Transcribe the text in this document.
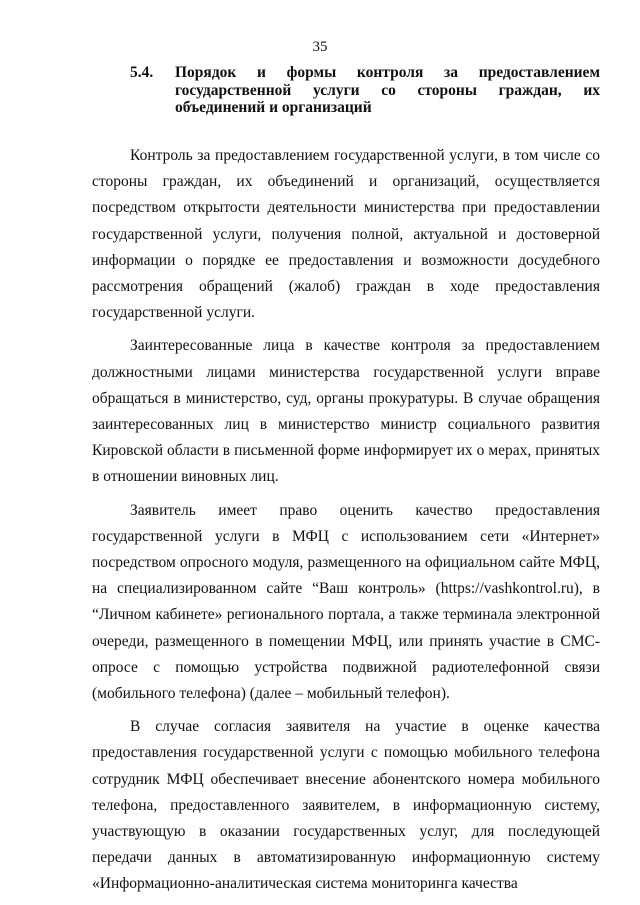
35
5.4. Порядок и формы контроля за предоставлением государственной услуги со стороны граждан, их объединений и организаций

Контроль за предоставлением государственной услуги, в том числе со стороны граждан, их объединений и организаций, осуществляется посредством открытости деятельности министерства при предоставлении государственной услуги, получения полной, актуальной и достоверной информации о порядке ее предоставления и возможности досудебного рассмотрения обращений (жалоб) граждан в ходе предоставления государственной услуги.

Заинтересованные лица в качестве контроля за предоставлением должностными лицами министерства государственной услуги вправе обращаться в министерство, суд, органы прокуратуры. В случае обращения заинтересованных лиц в министерство министр социального развития Кировской области в письменной форме информирует их о мерах, принятых в отношении виновных лиц.

Заявитель имеет право оценить качество предоставления государственной услуги в МФЦ с использованием сети «Интернет» посредством опросного модуля, размещенного на официальном сайте МФЦ, на специализированном сайте “Ваш контроль» (https://vashkontrol.ru), в “Личном кабинете» регионального портала, а также терминала электронной очереди, размещенного в помещении МФЦ, или принять участие в СМС-опросе с помощью устройства подвижной радиотелефонной связи (мобильного телефона) (далее – мобильный телефон).

В случае согласия заявителя на участие в оценке качества предоставления государственной услуги с помощью мобильного телефона сотрудник МФЦ обеспечивает внесение абонентского номера мобильного телефона, предоставленного заявителем, в информационную систему, участвующую в оказании государственных услуг, для последующей передачи данных в автоматизированную информационную систему «Информационно-аналитическая система мониторинга качества
